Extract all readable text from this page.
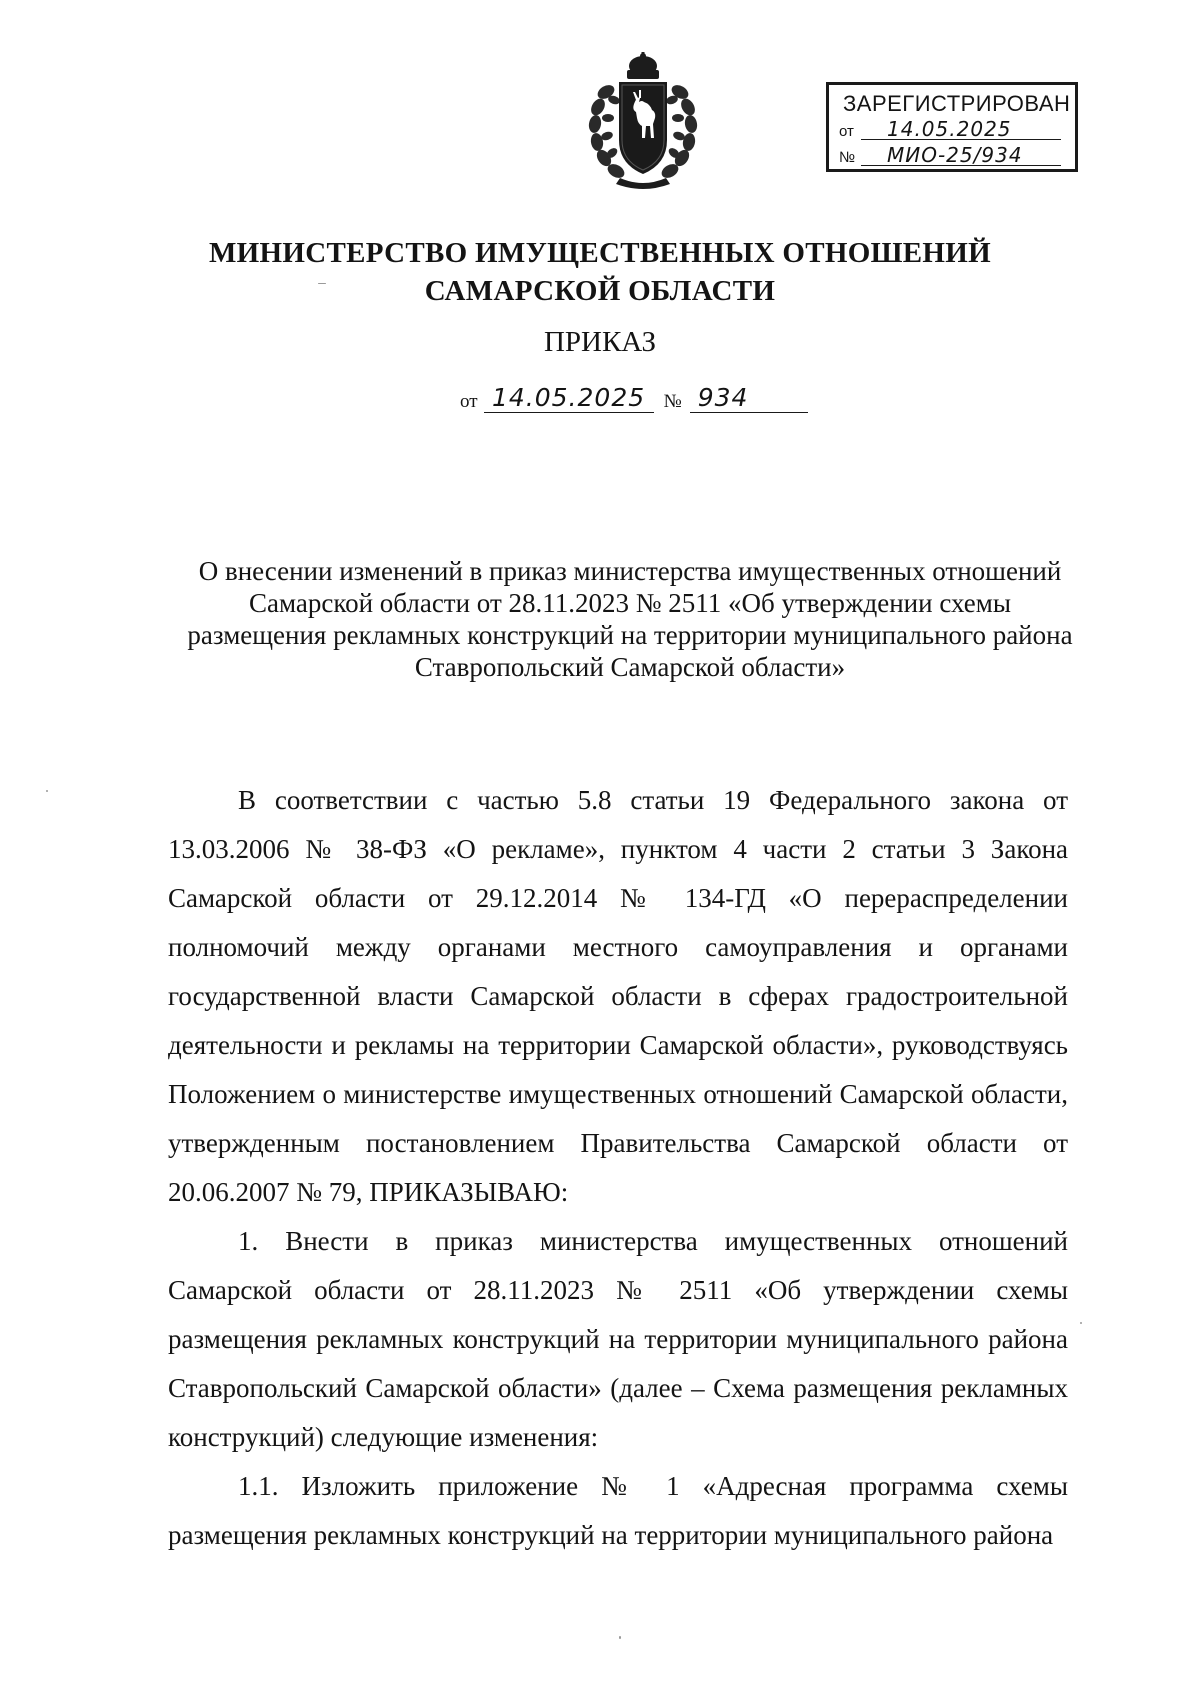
ЗАРЕГИСТРИРОВАН
от 14.05.2025
№ МИО-25/934
МИНИСТЕРСТВО ИМУЩЕСТВЕННЫХ ОТНОШЕНИЙ
САМАРСКОЙ ОБЛАСТИ
ПРИКАЗ
от 14.05.2025 № 934
О внесении изменений в приказ министерства имущественных отношений Самарской области от 28.11.2023 № 2511 «Об утверждении схемы размещения рекламных конструкций на территории муниципального района Ставропольский Самарской области»

В соответствии с частью 5.8 статьи 19 Федерального закона от 13.03.2006 № 38-ФЗ «О рекламе», пунктом 4 части 2 статьи 3 Закона Самарской области от 29.12.2014 № 134-ГД «О перераспределении полномочий между органами местного самоуправления и органами государственной власти Самарской области в сферах градостроительной деятельности и рекламы на территории Самарской области», руководствуясь Положением о министерстве имущественных отношений Самарской области, утвержденным постановлением Правительства Самарской области от 20.06.2007 № 79, ПРИКАЗЫВАЮ:

1. Внести в приказ министерства имущественных отношений Самарской области от 28.11.2023 № 2511 «Об утверждении схемы размещения рекламных конструкций на территории муниципального района Ставропольский Самарской области» (далее – Схема размещения рекламных конструкций) следующие изменения:

1.1. Изложить приложение № 1 «Адресная программа схемы размещения рекламных конструкций на территории муниципального района
